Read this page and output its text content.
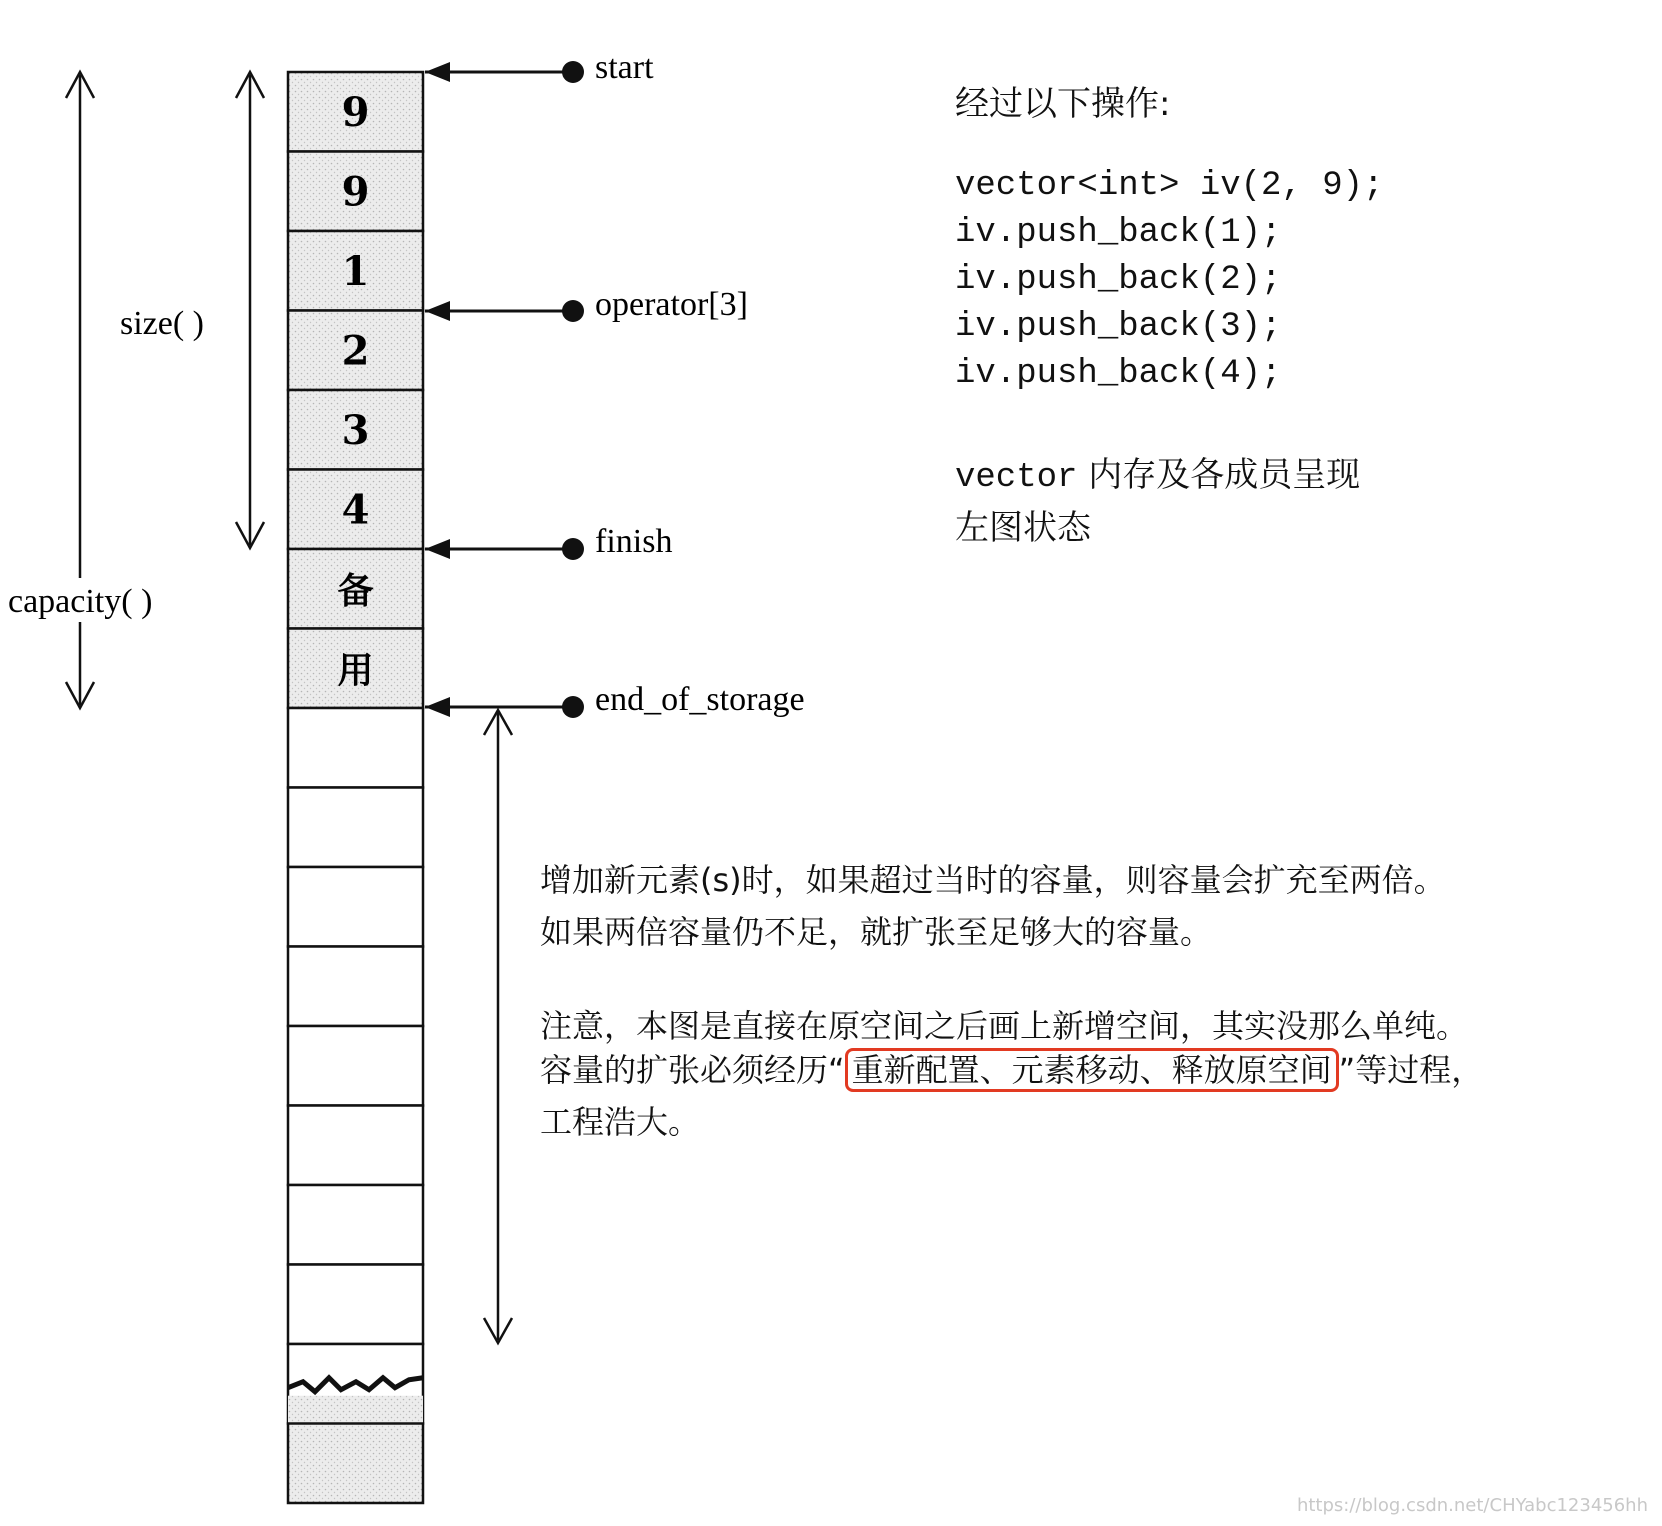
9
9
1
2
3
4
备
用
start
operator[3]
finish
end_of_storage
capacity( )
size( )
经过以下操作:
vector<int> iv(2, 9);
iv.push_back(1);
iv.push_back(2);
iv.push_back(3);
iv.push_back(4);
vector 内存及各成员呈现
左图状态
增加新元素(s)时，如果超过当时的容量，则容量会扩充至两倍。
如果两倍容量仍不足，就扩张至足够大的容量。
注意，本图是直接在原空间之后画上新增空间，其实没那么单纯。
容量的扩张必须经历“ 重新配置、元素移动、释放原空间 ”等过程，
工程浩大。
https://blog.csdn.net/CHYabc123456hh
